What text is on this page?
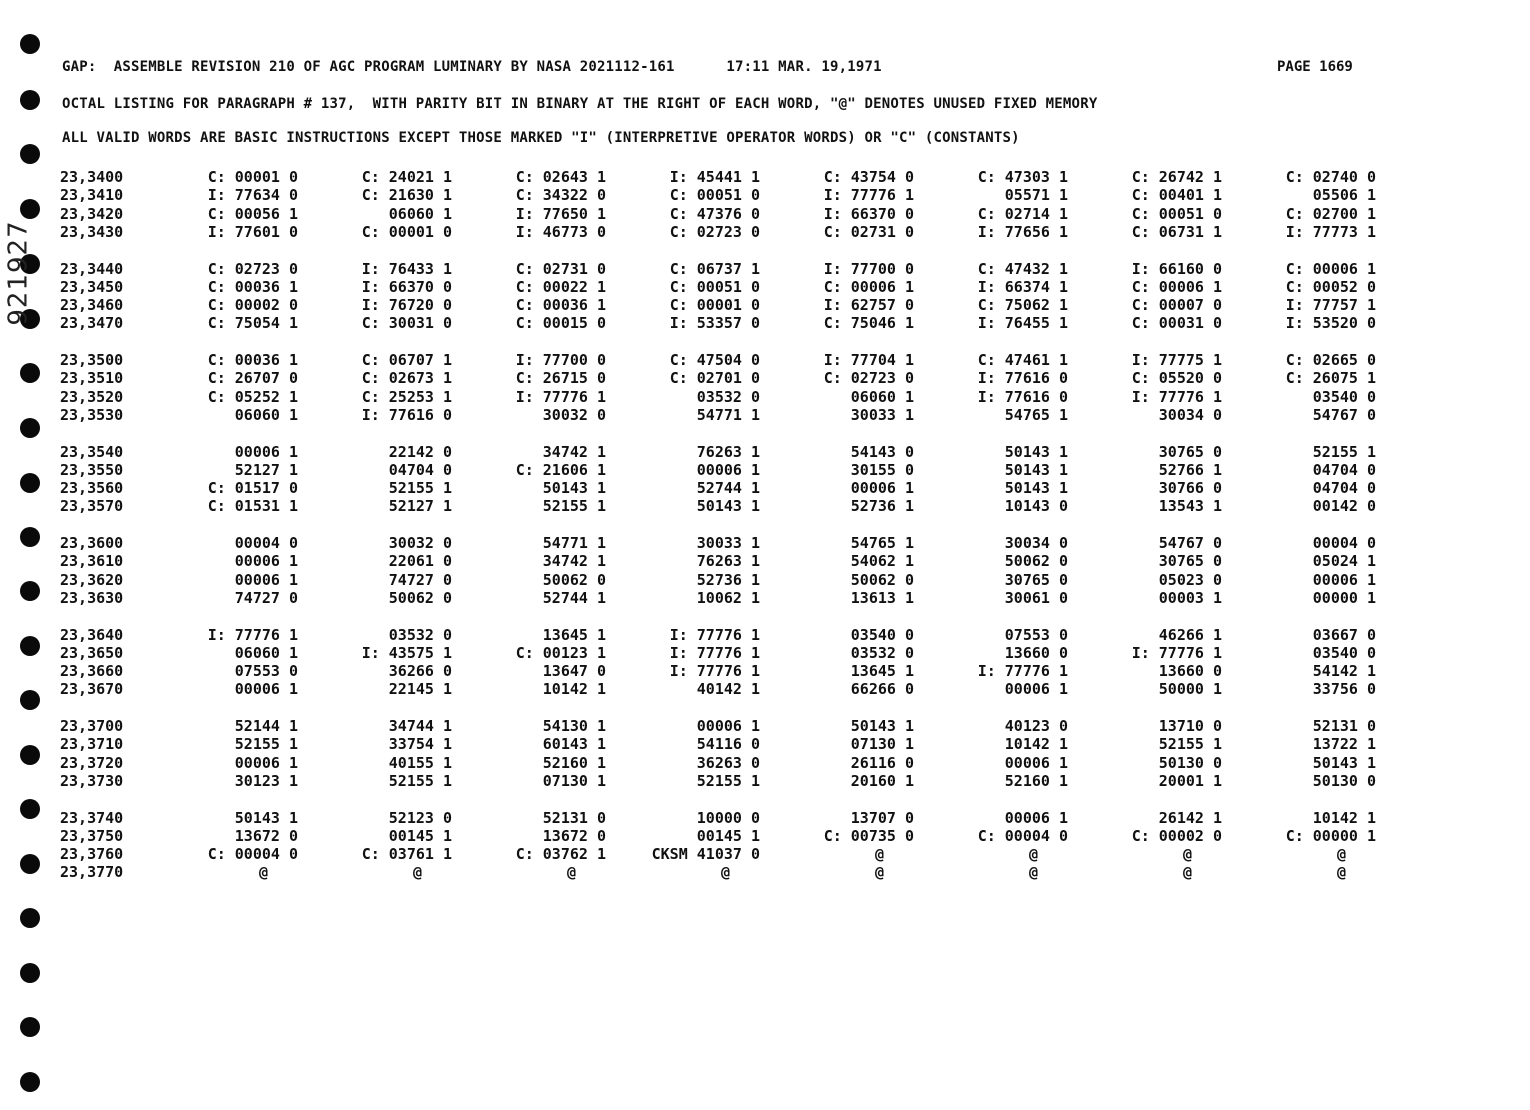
921927
GAP:  ASSEMBLE REVISION 210 OF AGC PROGRAM LUMINARY BY NASA 2021112-161      17:11 MAR. 19,1971	PAGE 1669
OCTAL LISTING FOR PARAGRAPH # 137,  WITH PARITY BIT IN BINARY AT THE RIGHT OF EACH WORD, "@" DENOTES UNUSED FIXED MEMORY
ALL VALID WORDS ARE BASIC INSTRUCTIONS EXCEPT THOSE MARKED "I" (INTERPRETIVE OPERATOR WORDS) OR "C" (CONSTANTS)
23,3400	C: 00001 0	C: 24021 1	C: 02643 1	I: 45441 1	C: 43754 0	C: 47303 1	C: 26742 1	C: 02740 0
23,3410	I: 77634 0	C: 21630 1	C: 34322 0	C: 00051 0	I: 77776 1	05571 1	C: 00401 1	05506 1
23,3420	C: 00056 1	06060 1	I: 77650 1	C: 47376 0	I: 66370 0	C: 02714 1	C: 00051 0	C: 02700 1
23,3430	I: 77601 0	C: 00001 0	I: 46773 0	C: 02723 0	C: 02731 0	I: 77656 1	C: 06731 1	I: 77773 1
23,3440	C: 02723 0	I: 76433 1	C: 02731 0	C: 06737 1	I: 77700 0	C: 47432 1	I: 66160 0	C: 00006 1
23,3450	C: 00036 1	I: 66370 0	C: 00022 1	C: 00051 0	C: 00006 1	I: 66374 1	C: 00006 1	C: 00052 0
23,3460	C: 00002 0	I: 76720 0	C: 00036 1	C: 00001 0	I: 62757 0	C: 75062 1	C: 00007 0	I: 77757 1
23,3470	C: 75054 1	C: 30031 0	C: 00015 0	I: 53357 0	C: 75046 1	I: 76455 1	C: 00031 0	I: 53520 0
23,3500	C: 00036 1	C: 06707 1	I: 77700 0	C: 47504 0	I: 77704 1	C: 47461 1	I: 77775 1	C: 02665 0
23,3510	C: 26707 0	C: 02673 1	C: 26715 0	C: 02701 0	C: 02723 0	I: 77616 0	C: 05520 0	C: 26075 1
23,3520	C: 05252 1	C: 25253 1	I: 77776 1	03532 0	06060 1	I: 77616 0	I: 77776 1	03540 0
23,3530	06060 1	I: 77616 0	30032 0	54771 1	30033 1	54765 1	30034 0	54767 0
23,3540	00006 1	22142 0	34742 1	76263 1	54143 0	50143 1	30765 0	52155 1
23,3550	52127 1	04704 0	C: 21606 1	00006 1	30155 0	50143 1	52766 1	04704 0
23,3560	C: 01517 0	52155 1	50143 1	52744 1	00006 1	50143 1	30766 0	04704 0
23,3570	C: 01531 1	52127 1	52155 1	50143 1	52736 1	10143 0	13543 1	00142 0
23,3600	00004 0	30032 0	54771 1	30033 1	54765 1	30034 0	54767 0	00004 0
23,3610	00006 1	22061 0	34742 1	76263 1	54062 1	50062 0	30765 0	05024 1
23,3620	00006 1	74727 0	50062 0	52736 1	50062 0	30765 0	05023 0	00006 1
23,3630	74727 0	50062 0	52744 1	10062 1	13613 1	30061 0	00003 1	00000 1
23,3640	I: 77776 1	03532 0	13645 1	I: 77776 1	03540 0	07553 0	46266 1	03667 0
23,3650	06060 1	I: 43575 1	C: 00123 1	I: 77776 1	03532 0	13660 0	I: 77776 1	03540 0
23,3660	07553 0	36266 0	13647 0	I: 77776 1	13645 1	I: 77776 1	13660 0	54142 1
23,3670	00006 1	22145 1	10142 1	40142 1	66266 0	00006 1	50000 1	33756 0
23,3700	52144 1	34744 1	54130 1	00006 1	50143 1	40123 0	13710 0	52131 0
23,3710	52155 1	33754 1	60143 1	54116 0	07130 1	10142 1	52155 1	13722 1
23,3720	00006 1	40155 1	52160 1	36263 0	26116 0	00006 1	50130 0	50143 1
23,3730	30123 1	52155 1	07130 1	52155 1	20160 1	52160 1	20001 1	50130 0
23,3740	50143 1	52123 0	52131 0	10000 0	13707 0	00006 1	26142 1	10142 1
23,3750	13672 0	00145 1	13672 0	00145 1	C: 00735 0	C: 00004 0	C: 00002 0	C: 00000 1
23,3760	C: 00004 0	C: 03761 1	C: 03762 1	CKSM 41037 0	@	@	@	@
23,3770	@	@	@	@	@	@	@	@
